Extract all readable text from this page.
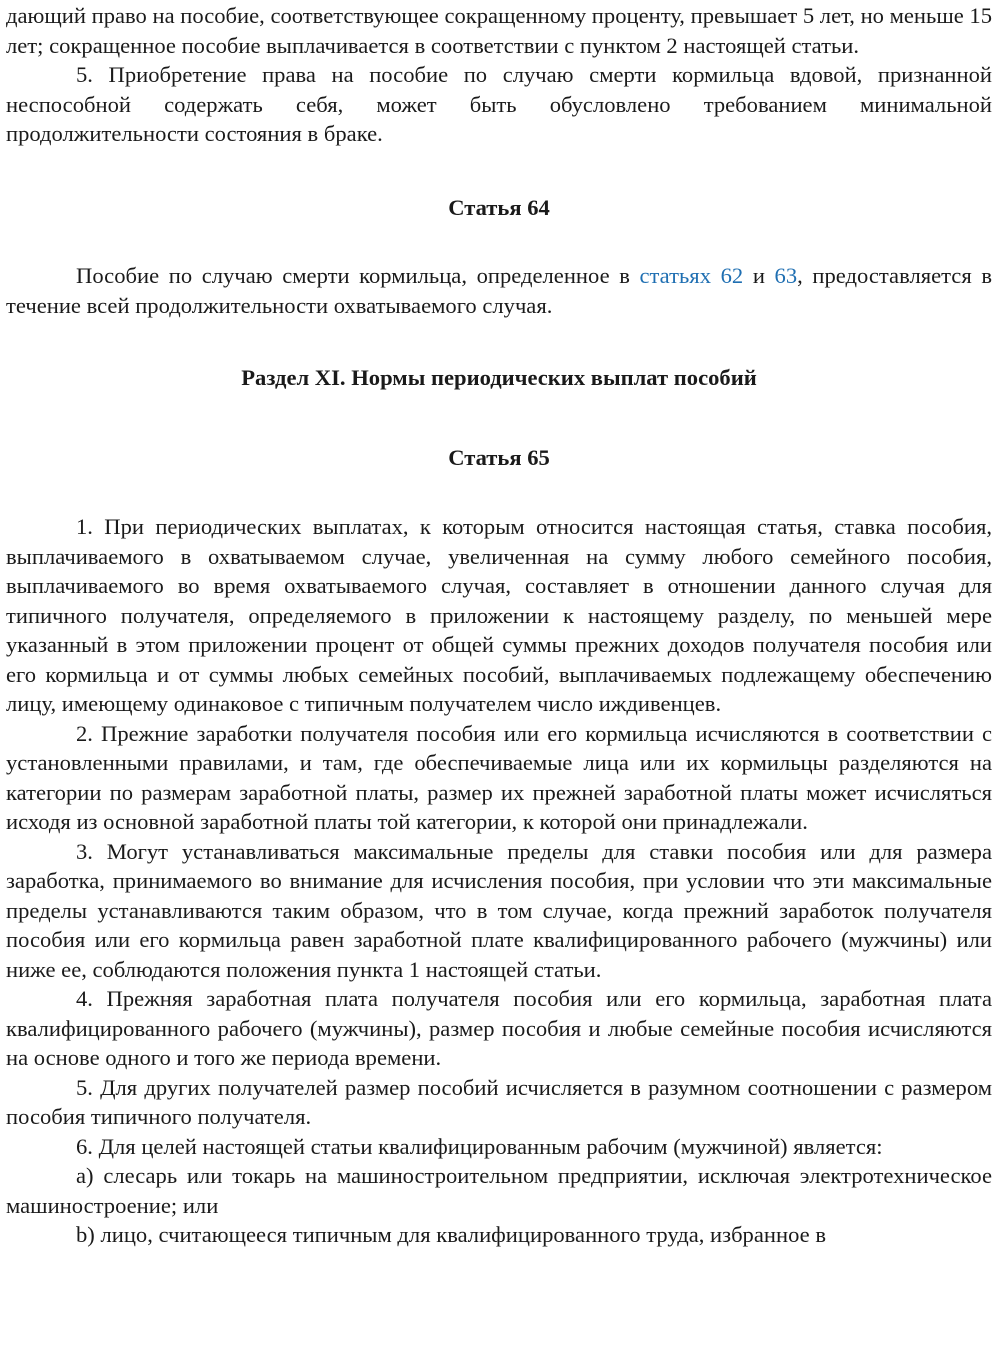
дающий право на пособие, соответствующее сокращенному проценту, превышает 5 лет, но меньше 15 лет; сокращенное пособие выплачивается в соответствии с пунктом 2 настоящей статьи.

5. Приобретение права на пособие по случаю смерти кормильца вдовой, признанной неспособной содержать себя, может быть обусловлено требованием минимальной продолжительности состояния в браке.

Статья 64

Пособие по случаю смерти кормильца, определенное в статьях 62 и 63, предоставляется в течение всей продолжительности охватываемого случая.

Раздел XI. Нормы периодических выплат пособий
Статья 65

1. При периодических выплатах, к которым относится настоящая статья, ставка пособия, выплачиваемого в охватываемом случае, увеличенная на сумму любого семейного пособия, выплачиваемого во время охватываемого случая, составляет в отношении данного случая для типичного получателя, определяемого в приложении к настоящему разделу, по меньшей мере указанный в этом приложении процент от общей суммы прежних доходов получателя пособия или его кормильца и от суммы любых семейных пособий, выплачиваемых подлежащему обеспечению лицу, имеющему одинаковое с типичным получателем число иждивенцев.

2. Прежние заработки получателя пособия или его кормильца исчисляются в соответствии с установленными правилами, и там, где обеспечиваемые лица или их кормильцы разделяются на категории по размерам заработной платы, размер их прежней заработной платы может исчисляться исходя из основной заработной платы той категории, к которой они принадлежали.

3. Могут устанавливаться максимальные пределы для ставки пособия или для размера заработка, принимаемого во внимание для исчисления пособия, при условии что эти максимальные пределы устанавливаются таким образом, что в том случае, когда прежний заработок получателя пособия или его кормильца равен заработной плате квалифицированного рабочего (мужчины) или ниже ее, соблюдаются положения пункта 1 настоящей статьи.

4. Прежняя заработная плата получателя пособия или его кормильца, заработная плата квалифицированного рабочего (мужчины), размер пособия и любые семейные пособия исчисляются на основе одного и того же периода времени.

5. Для других получателей размер пособий исчисляется в разумном соотношении с размером пособия типичного получателя.

6. Для целей настоящей статьи квалифицированным рабочим (мужчиной) является:

a) слесарь или токарь на машиностроительном предприятии, исключая электротехническое машиностроение; или

b) лицо, считающееся типичным для квалифицированного труда, избранное в
